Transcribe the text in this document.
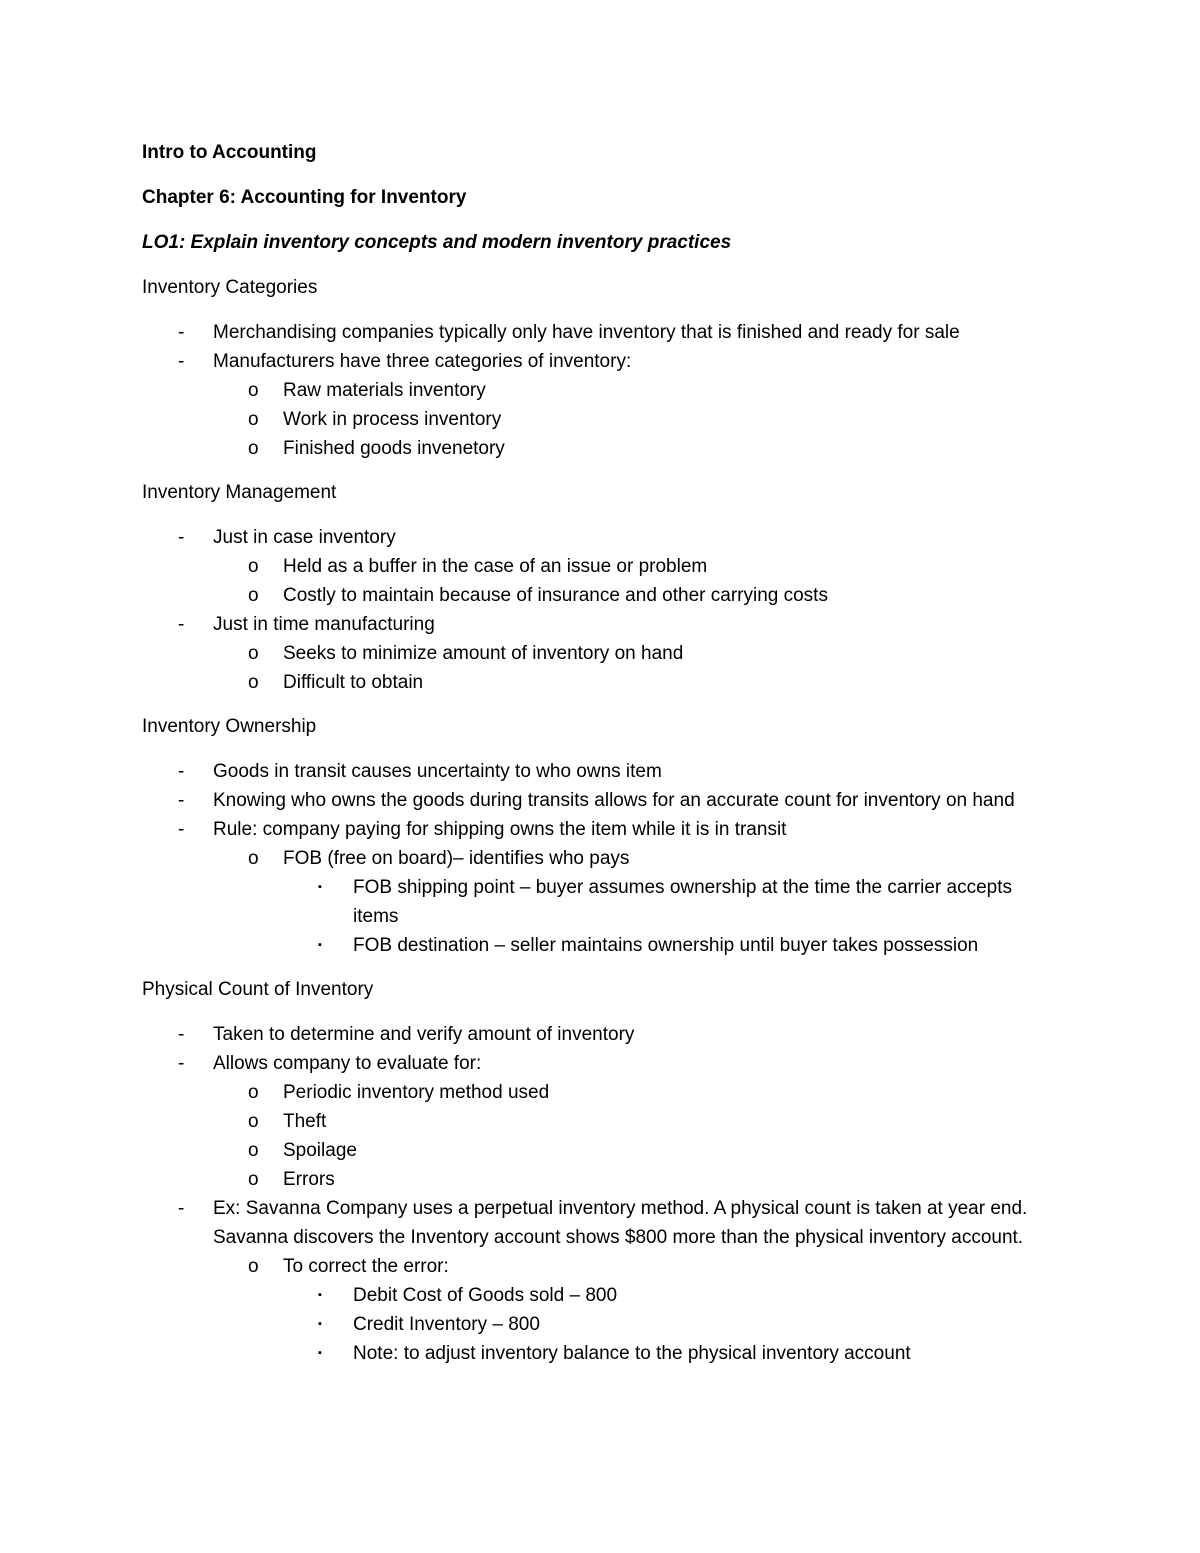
Intro to Accounting

Chapter 6: Accounting for Inventory

LO1: Explain inventory concepts and modern inventory practices

Inventory Categories

-	Merchandising companies typically only have inventory that is finished and ready for sale
-	Manufacturers have three categories of inventory:
o	Raw materials inventory
o	Work in process inventory
o	Finished goods invenetory

Inventory Management

-	Just in case inventory
o	Held as a buffer in the case of an issue or problem
o	Costly to maintain because of insurance and other carrying costs
-	Just in time manufacturing
o	Seeks to minimize amount of inventory on hand
o	Difficult to obtain

Inventory Ownership

-	Goods in transit causes uncertainty to who owns item
-	Knowing who owns the goods during transits allows for an accurate count for inventory on hand
-	Rule: company paying for shipping owns the item while it is in transit
o	FOB (free on board)– identifies who pays
▪	FOB shipping point – buyer assumes ownership at the time the carrier accepts items
▪	FOB destination – seller maintains ownership until buyer takes possession

Physical Count of Inventory

-	Taken to determine and verify amount of inventory
-	Allows company to evaluate for:
o	Periodic inventory method used
o	Theft
o	Spoilage
o	Errors
-	Ex: Savanna Company uses a perpetual inventory method. A physical count is taken at year end. Savanna discovers the Inventory account shows $800 more than the physical inventory account.
o	To correct the error:
▪	Debit Cost of Goods sold – 800
▪	Credit Inventory – 800
▪	Note: to adjust inventory balance to the physical inventory account
